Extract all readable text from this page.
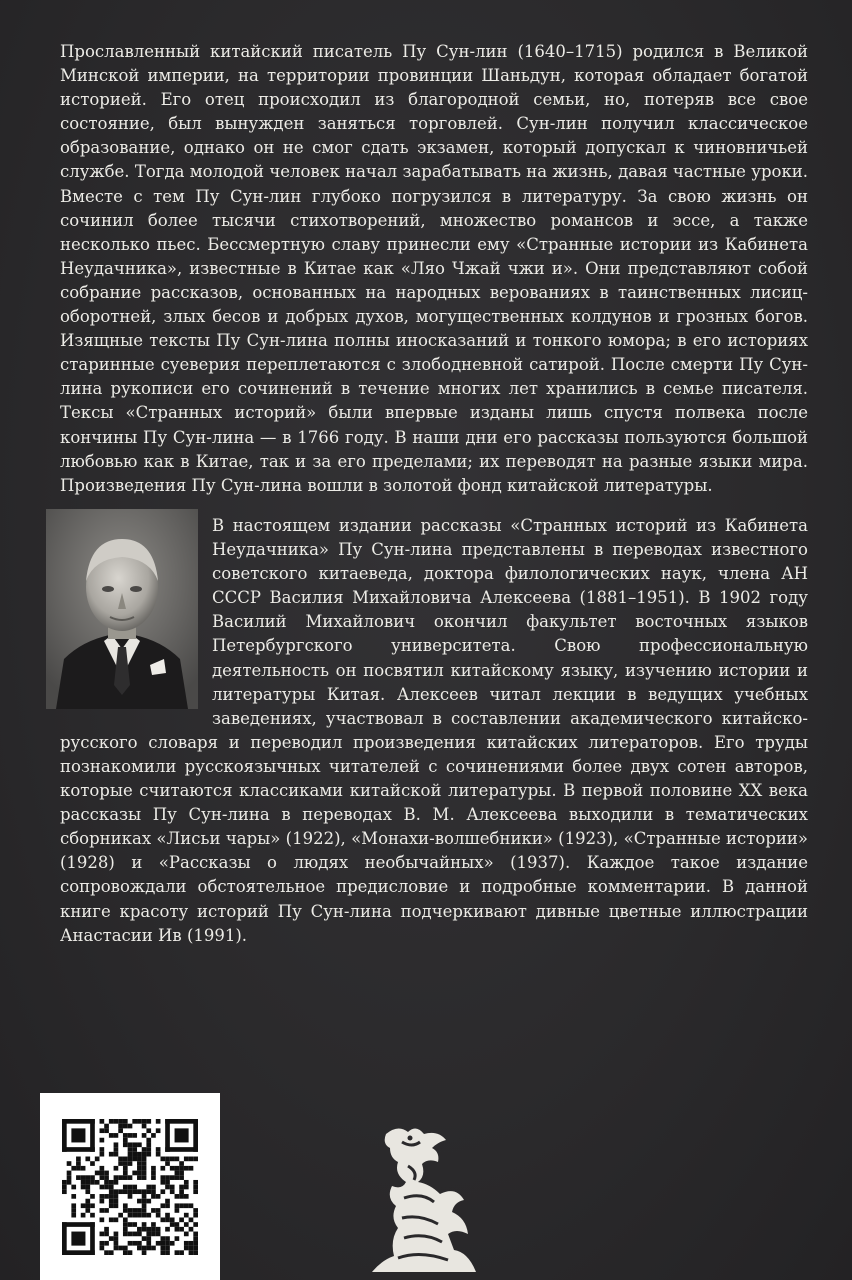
Прославленный китайский писатель Пу Сун-лин (1640–1715) родился в Великой Минской империи, на территории провинции Шаньдун, которая обладает богатой историей. Его отец происходил из благородной семьи, но, потеряв все свое состояние, был вынужден заняться торговлей. Сун-лин получил классическое образование, однако он не смог сдать экзамен, который допускал к чиновничьей службе. Тогда молодой человек начал зарабатывать на жизнь, давая частные уроки. Вместе с тем Пу Сун-лин глубоко погрузился в литературу. За свою жизнь он сочинил более тысячи стихотворений, множество романсов и эссе, а также несколько пьес. Бессмертную славу принесли ему «Странные истории из Кабинета Неудачника», известные в Китае как «Ляо Чжай чжи и». Они представляют собой собрание рассказов, основанных на народных верованиях в таинственных лисиц-оборотней, злых бесов и добрых духов, могущественных колдунов и грозных богов. Изящные тексты Пу Сун-лина полны иносказаний и тонкого юмора; в его историях старинные суеверия переплетаются с злободневной сатирой. После смерти Пу Сун-лина рукописи его сочинений в течение многих лет хранились в семье писателя. Тексы «Странных историй» были впервые изданы лишь спустя полвека после кончины Пу Сун-лина — в 1766 году. В наши дни его рассказы пользуются большой любовью как в Китае, так и за его пределами; их переводят на разные языки мира. Произведения Пу Сун-лина вошли в золотой фонд китайской литературы.
В настоящем издании рассказы «Странных историй из Кабинета Неудачника» Пу Сун-лина представлены в переводах известного советского китаеведа, доктора филологических наук, члена АН СССР Василия Михайловича Алексеева (1881–1951). В 1902 году Василий Михайлович окончил факультет восточных языков Петербургского университета. Свою профессиональную деятельность он посвятил китайскому языку, изучению истории и литературы Китая. Алексеев читал лекции в ведущих учебных заведениях, участвовал в составлении академического китайско-русского словаря и переводил произведения китайских литераторов. Его труды познакомили русскоязычных читателей с сочинениями более двух сотен авторов, которые считаются классиками китайской литературы. В первой половине XX века рассказы Пу Сун-лина в переводах В. М. Алексеева выходили в тематических сборниках «Лисьи чары» (1922), «Монахи-волшебники» (1923), «Странные истории» (1928) и «Рассказы о людях необычайных» (1937). Каждое такое издание сопровождали обстоятельное предисловие и подробные комментарии. В данной книге красоту историй Пу Сун-лина подчеркивают дивные цветные иллюстрации Анастасии Ив (1991).
